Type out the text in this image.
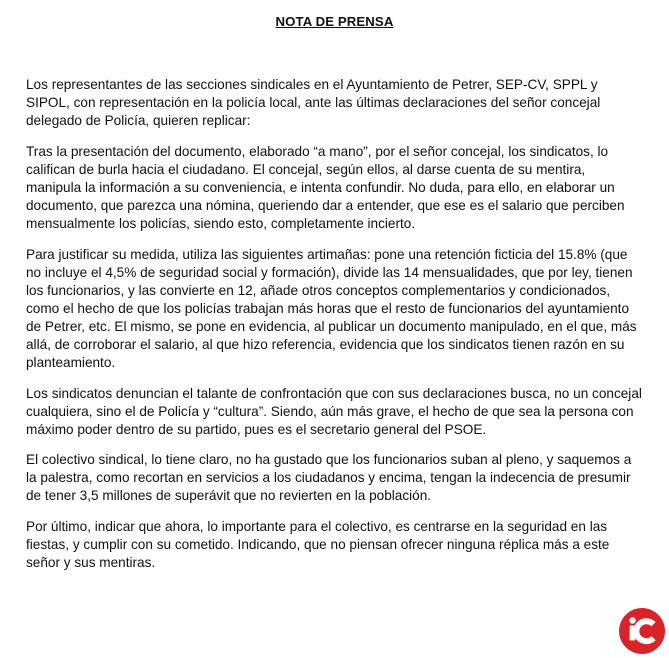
NOTA DE PRENSA

Los representantes de las secciones sindicales en el Ayuntamiento de Petrer, SEP-CV, SPPL y SIPOL, con representación en la policía local, ante las últimas declaraciones del señor concejal delegado de Policía, quieren replicar:

Tras la presentación del documento, elaborado “a mano”, por el señor concejal, los sindicatos, lo califican de burla hacia el ciudadano. El concejal, según ellos, al darse cuenta de su mentira, manipula la información a su conveniencia, e intenta confundir. No duda, para ello, en elaborar un documento, que parezca una nómina, queriendo dar a entender, que ese es el salario que perciben mensualmente los policías, siendo esto, completamente incierto.

Para justificar su medida, utiliza las siguientes artimañas: pone una retención ficticia del 15.8% (que no incluye el 4,5% de seguridad social y formación), divide las 14 mensualidades, que por ley, tienen los funcionarios, y las convierte en 12, añade otros conceptos complementarios y condicionados, como el hecho de que los policías trabajan más horas que el resto de funcionarios del ayuntamiento de Petrer, etc. El mismo, se pone en evidencia, al publicar un documento manipulado, en el que, más allá, de corroborar el salario, al que hizo referencia, evidencia que los sindicatos tienen razón en su planteamiento.

Los sindicatos denuncian el talante de confrontación que con sus declaraciones busca, no un concejal cualquiera, sino el de Policía y “cultura”. Siendo, aún más grave, el hecho de que sea la persona con máximo poder dentro de su partido, pues es el secretario general del PSOE.

El colectivo sindical, lo tiene claro, no ha gustado que los funcionarios suban al pleno, y saquemos a la palestra, como recortan en servicios a los ciudadanos y encima, tengan la indecencia de presumir de tener 3,5 millones de superávit que no revierten en la población.

Por último, indicar que ahora, lo importante para el colectivo, es centrarse en la seguridad en las fiestas, y cumplir con su cometido. Indicando, que no piensan ofrecer ninguna réplica más a este señor y sus mentiras.
